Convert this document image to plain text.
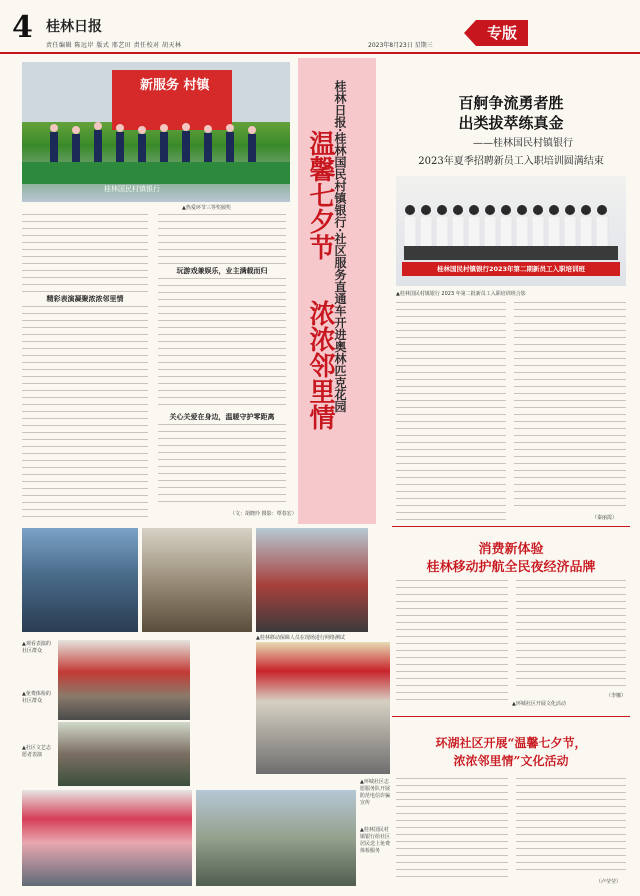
4 桂林日报
责任编辑 陈远岸 版式 邢艺田 责任校对 胡天林	2023年8月23日 星期三
专版
新服务 村镇
桂林国民村镇银行
▲热爱环节三等奖颁奖
精彩表演凝聚浓浓邻里情
玩游戏兼娱乐，业主满载而归
关心关爱在身边，温暖守护零距离
（文：胡晓玲 摄影：覃春宏）
▲桂林移动保障人员在现场进行网络测试
▲观看表演的社区群众
▲免费体检的社区群众
▲社区文艺志愿者表演
▲环城社区志愿服务队开展防范电信诈骗宣传
▲桂林国民村镇银行给社区居民送上免费体检服务
桂林日报·桂林国民村镇银行·社区服务直通车开进奥林匹克花园
温馨七夕节
浓浓邻里情
百舸争流勇者胜
出类拔萃练真金
——桂林国民村镇银行
2023年夏季招聘新员工入职培训圆满结束
桂林国民村镇银行2023年第二期新员工入职培训班
▲桂林国民村镇银行 2023 年第二批新员工入职培训班合影
（秦丽霞）
消费新体验
桂林移动护航全民夜经济品牌
（李娜）
环湖社区开展“温馨七夕节，
浓浓邻里情”文化活动
（卢莹莹）
▲环城社区开展文化活动
